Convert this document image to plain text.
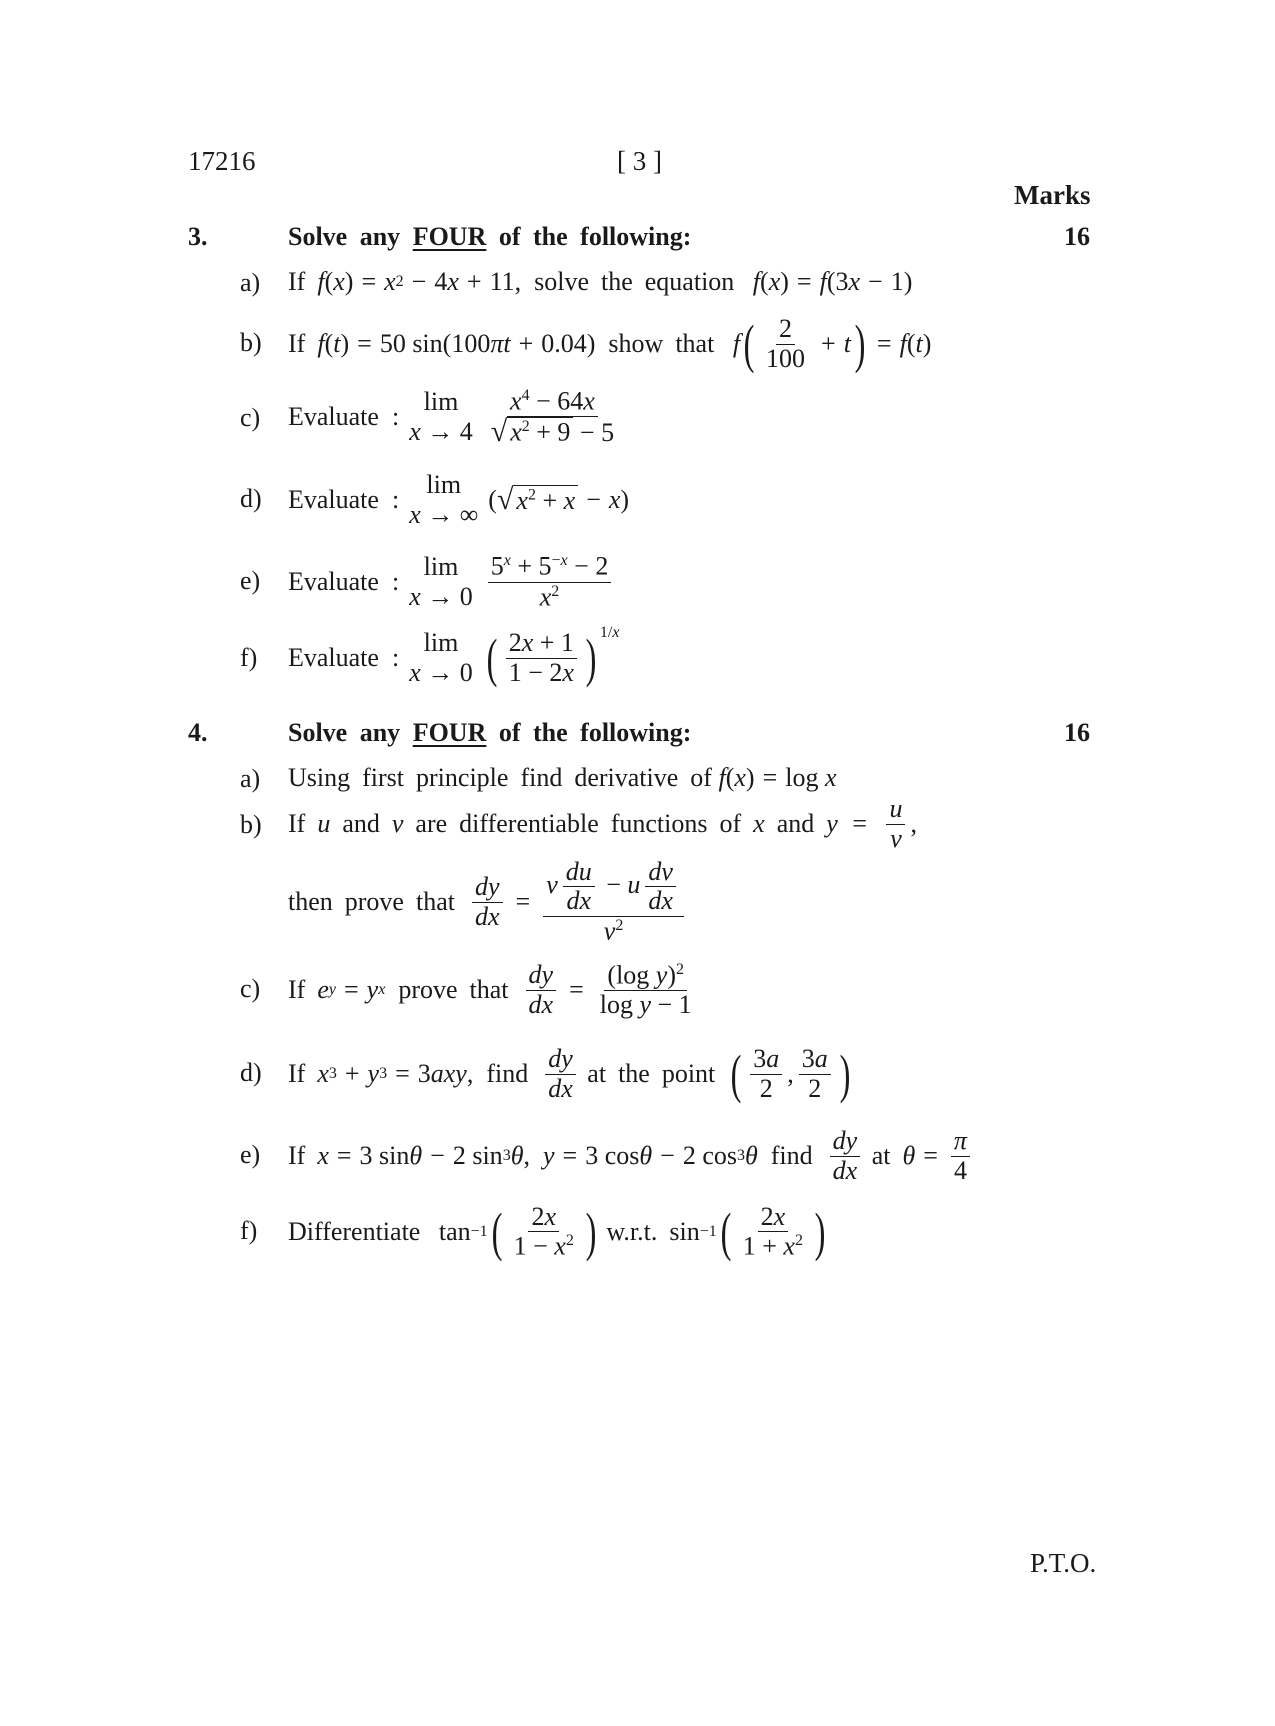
17216	[ 3 ]
Marks
3.	Solve any FOUR of the following:	16
a) If f ( x ) = x 2 − 4 x + 11, solve the equation
f ( x ) = f (3 x − 1)
b) If f ( t ) = 50 sin(100 πt + 0.04) show that
f ( $\frac{2}{100} + t$ ) = f ( t )
c) Evaluate  :
lim
$x \to 4 \frac{x^4 - 64x}{√ x^2 + 9 - 5}$
d) Evaluate  :
lim
x → ∞
( √ $x^2 + x - x$ )
e) Evaluate  :
lim
$x \to 0 \frac{5^x + 5^{-x} - 2}{x^2}$
f) Evaluate  :
lim
x → 0 ( $\frac{2x + 1}{1 - 2x}$ ) 1/x
4.	Solve any FOUR of the following:	16
a) Using first principle find derivative of f ( x ) = log x
b) If u and v are differentiable functions of x and $y = \frac{u}{v}$ ,
then prove that $\frac{dy}{dx} = \frac{v \frac{du}{dx} - u \frac{dv}{dx}}{v^2}$
c) If e y = y x
prove that $\frac{dy}{dx} = \frac{(\log y)^2}{\text{log y − 1}}$
d) If x 3 + y 3 = 3 axy , find $\frac{dy}{dx}$
at the point ( $\frac{3a}{2}$ , $\frac{3a}{2}$ )
e) If x = 3 sin θ − 2 sin 3 θ , y = 3 cos θ − 2 cos 3 θ
find $\frac{dy}{dx}$
at $\theta = \frac{\pi}{4}$
f) Differentiate tan −1 ( $\frac{2x}{1 - x^2}$ )
w.r.t. sin −1 ( $\frac{2x}{1 + x^2}$ )
P.T.O.
